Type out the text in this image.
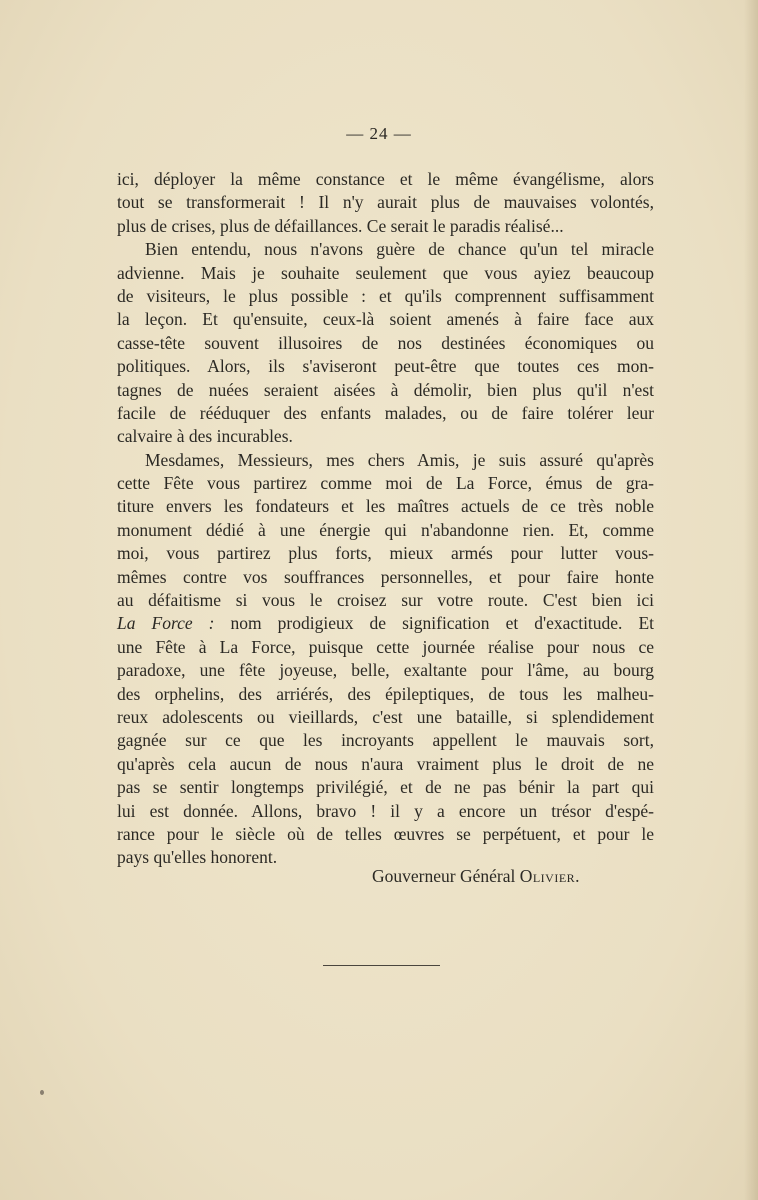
— 24 —
ici, déployer la même constance et le même évangélisme, alors
tout se transformerait ! Il n'y aurait plus de mauvaises volontés,
plus de crises, plus de défaillances. Ce serait le paradis réalisé...
Bien entendu, nous n'avons guère de chance qu'un tel miracle
advienne. Mais je souhaite seulement que vous ayiez beaucoup
de visiteurs, le plus possible : et qu'ils comprennent suffisamment
la leçon. Et qu'ensuite, ceux-là soient amenés à faire face aux
casse-tête souvent illusoires de nos destinées économiques ou
politiques. Alors, ils s'aviseront peut-être que toutes ces mon-
tagnes de nuées seraient aisées à démolir, bien plus qu'il n'est
facile de rééduquer des enfants malades, ou de faire tolérer leur
calvaire à des incurables.
Mesdames, Messieurs, mes chers Amis, je suis assuré qu'après
cette Fête vous partirez comme moi de La Force, émus de gra-
titure envers les fondateurs et les maîtres actuels de ce très noble
monument dédié à une énergie qui n'abandonne rien. Et, comme
moi, vous partirez plus forts, mieux armés pour lutter vous-
mêmes contre vos souffrances personnelles, et pour faire honte
au défaitisme si vous le croisez sur votre route. C'est bien ici
La Force : nom prodigieux de signification et d'exactitude. Et
une Fête à La Force, puisque cette journée réalise pour nous ce
paradoxe, une fête joyeuse, belle, exaltante pour l'âme, au bourg
des orphelins, des arriérés, des épileptiques, de tous les malheu-
reux adolescents ou vieillards, c'est une bataille, si splendidement
gagnée sur ce que les incroyants appellent le mauvais sort,
qu'après cela aucun de nous n'aura vraiment plus le droit de ne
pas se sentir longtemps privilégié, et de ne pas bénir la part qui
lui est donnée. Allons, bravo ! il y a encore un trésor d'espé-
rance pour le siècle où de telles œuvres se perpétuent, et pour le
pays qu'elles honorent.
Gouverneur Général Olivier.
